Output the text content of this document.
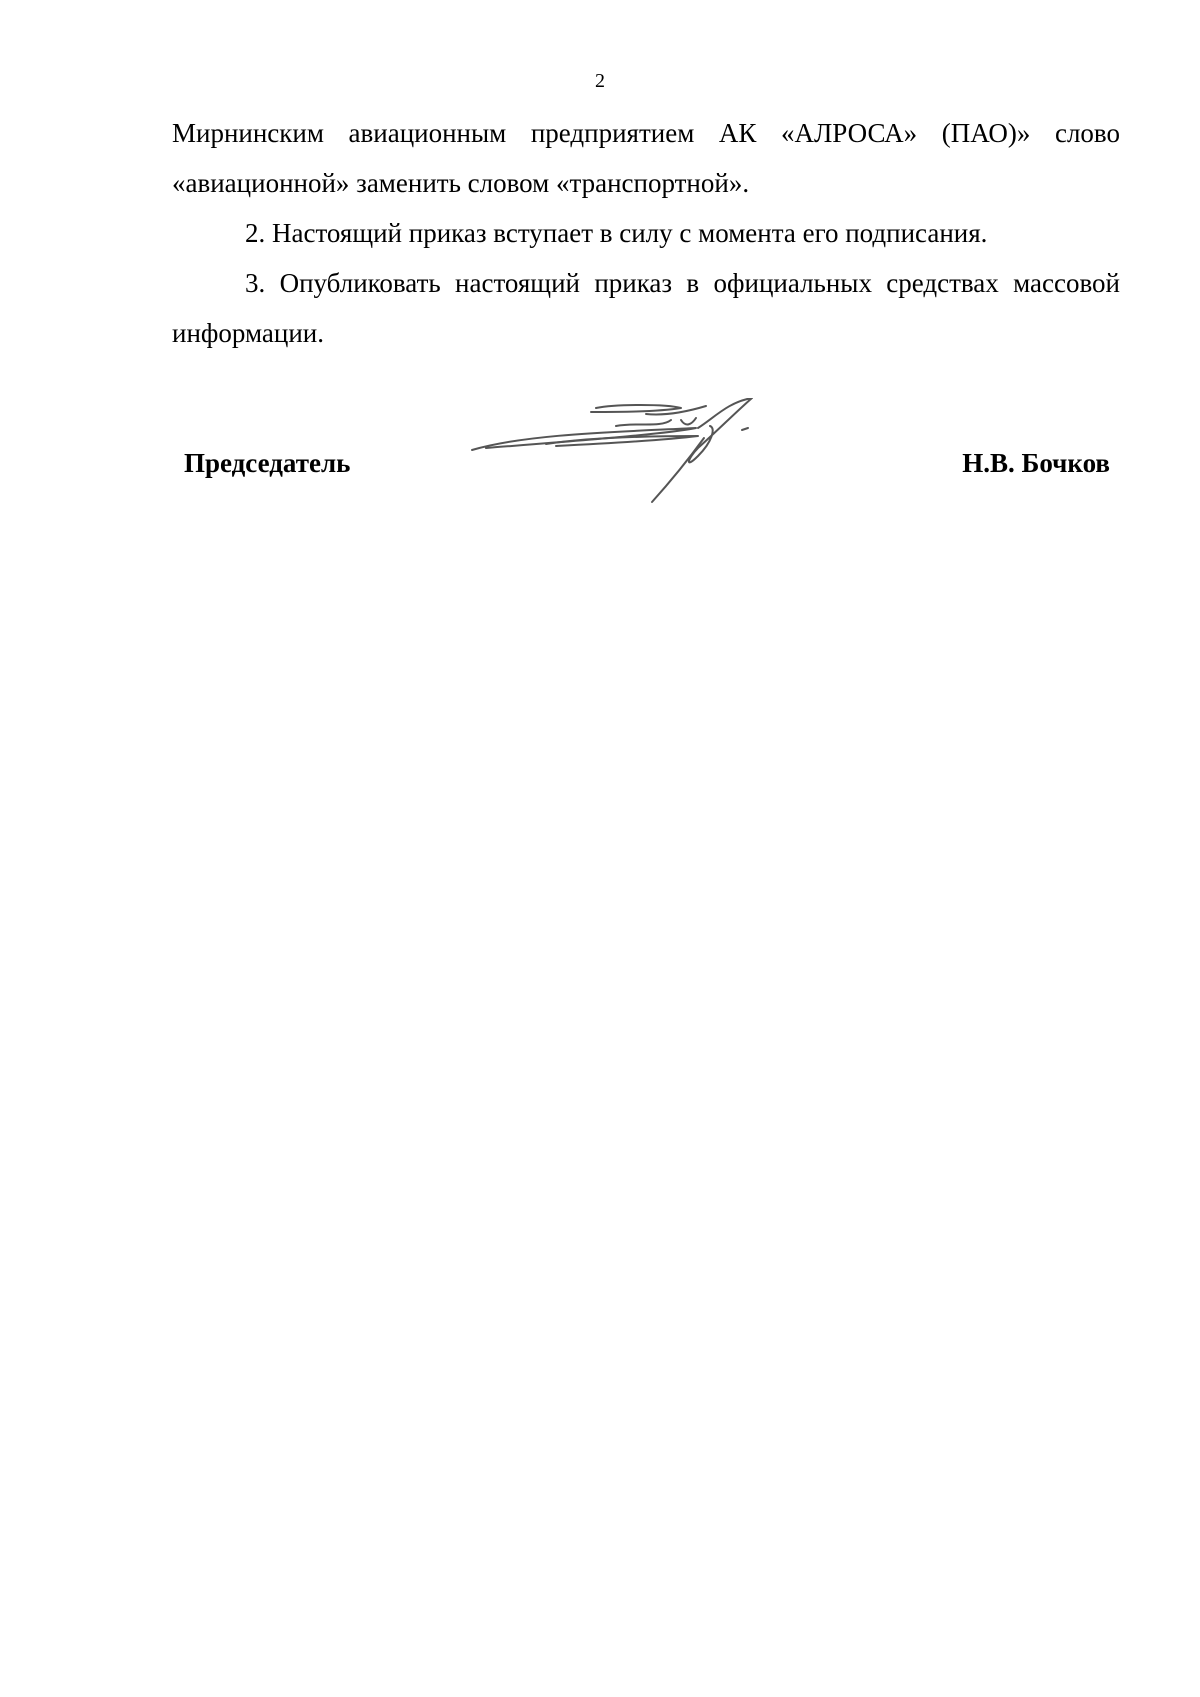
2

Мирнинским авиационным предприятием АК «АЛРОСА» (ПАО)» слово «авиационной» заменить словом «транспортной».

2. Настоящий приказ вступает в силу с момента его подписания.

3. Опубликовать настоящий приказ в официальных средствах массовой информации.

Председатель	Н.В. Бочков
